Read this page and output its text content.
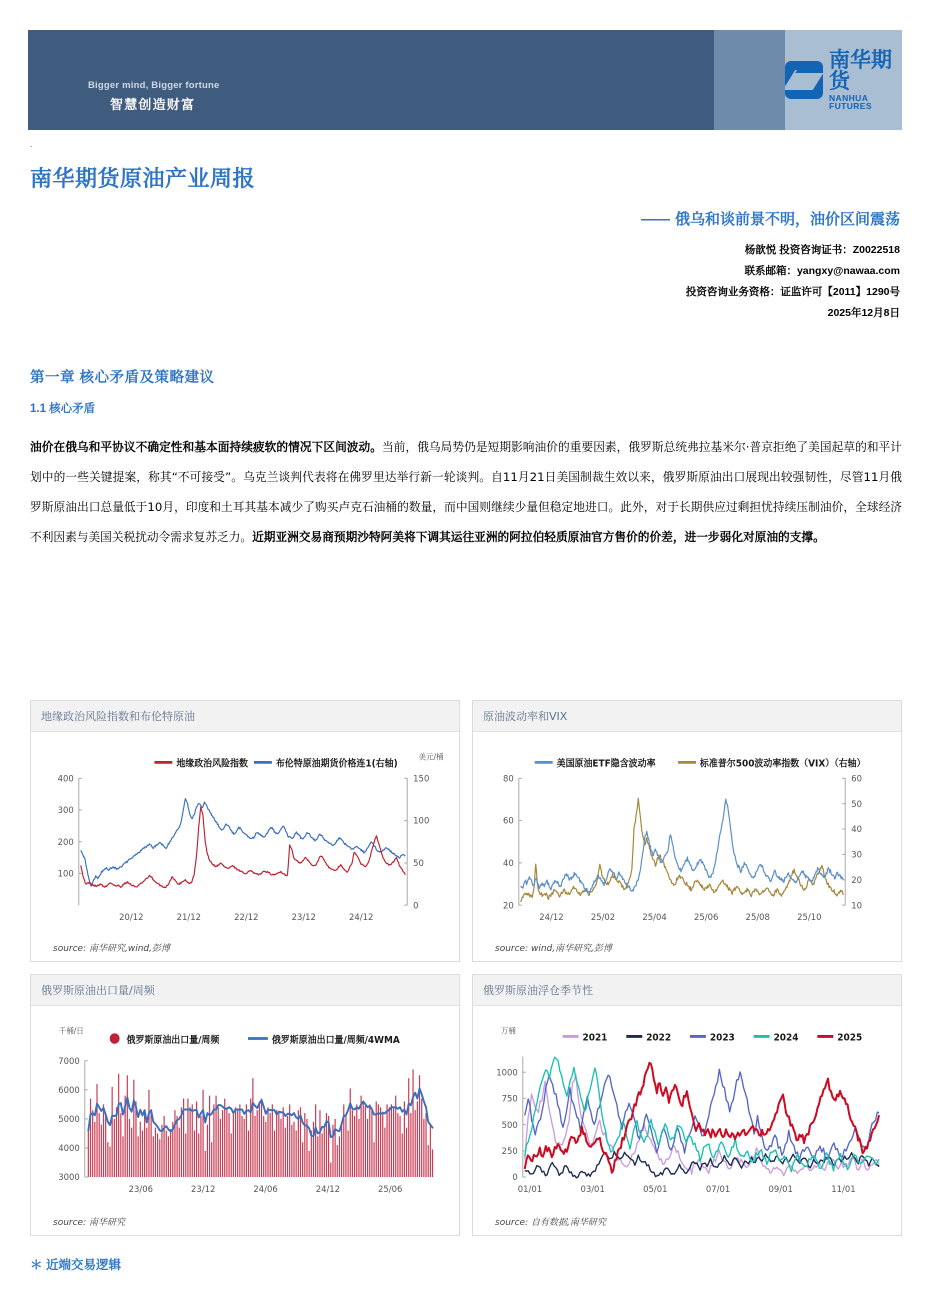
Bigger mind, Bigger fortune
智慧创造财富
南华期货
NANHUA FUTURES
.
南华期货原油产业周报
—— 俄乌和谈前景不明，油价区间震荡
杨歆悦 投资咨询证书：Z0022518
联系邮箱：yangxy@nawaa.com
投资咨询业务资格：证监许可【2011】1290号
2025年12月8日
第一章 核心矛盾及策略建议
1.1 核心矛盾
油价在俄乌和平协议不确定性和基本面持续疲软的情况下区间波动。当前，俄乌局势仍是短期影响油价的重要因素，俄罗斯总统弗拉基米尔·普京拒绝了美国起草的和平计划中的一些关键提案，称其“不可接受”。乌克兰谈判代表将在佛罗里达举行新一轮谈判。自11月21日美国制裁生效以来，俄罗斯原油出口展现出较强韧性，尽管11月俄罗斯原油出口总量低于10月，印度和土耳其基本减少了购买卢克石油桶的数量，而中国则继续少量但稳定地进口。此外，对于长期供应过剩担忧持续压制油价，全球经济不利因素与美国关税扰动令需求复苏乏力。近期亚洲交易商预期沙特阿美将下调其运往亚洲的阿拉伯轻质原油官方售价的价差，进一步弱化对原油的支撑。
地缘政治风险指数和布伦特原油
地缘政治风险指数	布伦特原油期货价格连1(右轴)
美元/桶
100
200
300
400
0
50
100
150
20/12	21/12	22/12	23/12	24/12
source: 南华研究,wind,彭博
原油波动率和VIX
美国原油ETF隐含波动率	标准普尔500波动率指数（VIX）（右轴）
20
40
60
80
10
20
30
40
50
60
24/12	25/02	25/04	25/06	25/08	25/10
source: wind,南华研究,彭博
俄罗斯原油出口量/周频
千桶/日
俄罗斯原油出口量/周频	俄罗斯原油出口量/周频/4WMA
3000
4000
5000
6000
7000
23/06	23/12	24/06	24/12	25/06
source: 南华研究
俄罗斯原油浮仓季节性
万桶
2021	2022	2023	2024	2025
0
250
500
750
1000
01/01	03/01	05/01	07/01	09/01	11/01
source: 自有数据,南华研究
＊ 近端交易逻辑
